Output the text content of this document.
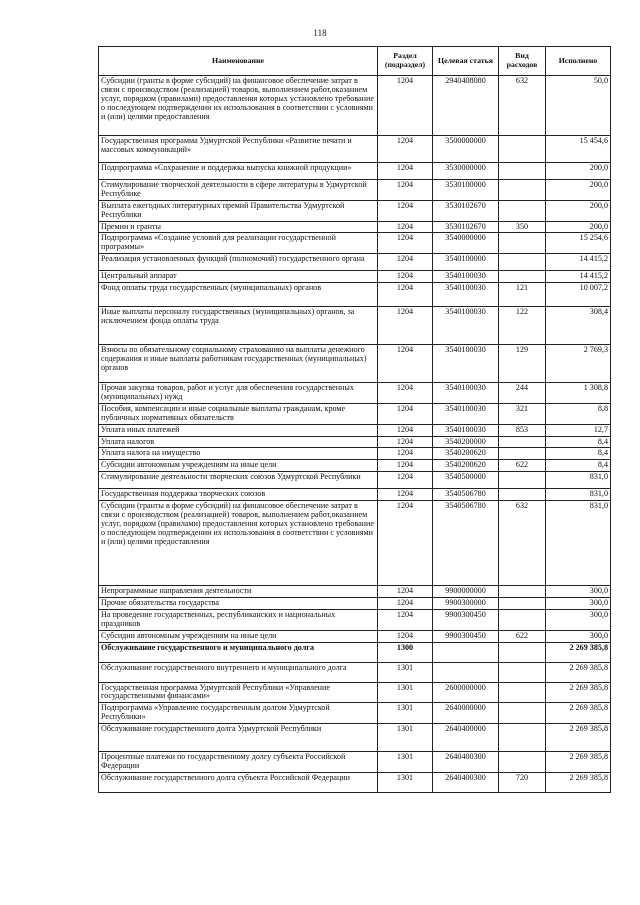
118
Наименование	Раздел (подраздел)	Целевая статья	Вид расходов	Исполнено
Субсидии (гранты в форме субсидий) на финансовое обеспечение затрат в связи с производством (реализацией) товаров, выполнением работ,оказанием услуг, порядком (правилами) предоставления которых установлено требование о последующем подтверждении их использования в соответствии с условиями и (или) целями предоставления	1204	2940408080	632	50,0
Государственная программа Удмуртской Республики «Развитие печати и массовых коммуникаций»	1204	3500000000		15 454,6
Подпрограмма «Сохранение и поддержка выпуска книжной продукции»	1204	3530000000		200,0
Стимулирование творческой деятельности в сфере литературы в Удмуртской Республике	1204	3530100000		200,0
Выплата ежегодных литературных премий Правительства Удмуртской Республики	1204	3530102670		200,0
Премии и гранты	1204	3530102670	350	200,0
Подпрограмма «Создание условий для реализации государственной программы»	1204	3540000000		15 254,6
Реализация установленных функций (полномочий) государственного органа	1204	3540100000		14 415,2
Центральный аппарат	1204	3540100030		14 415,2
Фонд оплаты труда государственных (муниципальных) органов	1204	3540100030	121	10 007,2
Иные выплаты персоналу государственных (муниципальных) органов, за исключением фонда оплаты труда	1204	3540100030	122	308,4
Взносы по обязательному социальному страхованию на выплаты денежного содержания и иные выплаты работникам государственных (муниципальных) органов	1204	3540100030	129	2 769,3
Прочая закупка товаров, работ и услуг для обеспечения государственных (муниципальных) нужд	1204	3540100030	244	1 308,8
Пособия, компенсации и иные социальные выплаты гражданам, кроме публичных нормативных обязательств	1204	3540100030	321	8,8
Уплата иных платежей	1204	3540100030	853	12,7
Уплата налогов	1204	3540200000		8,4
Уплата налога на имущество	1204	3540200620		8,4
Субсидии автономным учреждениям на иные цели	1204	3540200620	622	8,4
Стимулирование деятельности творческих союзов Удмуртской Республики	1204	3540500000		831,0
Государственная поддержка творческих союзов	1204	3540506780		831,0
Субсидии (гранты в форме субсидий) на финансовое обеспечение затрат в связи с производством (реализацией) товаров, выполнением работ,оказанием услуг, порядком (правилами) предоставления которых установлено требование о последующем подтверждении их использования в соответствии с условиями и (или) целями предоставления	1204	3540506780	632	831,0
Непрограммные направления деятельности	1204	9900000000		300,0
Прочие обязательства государства	1204	9900300000		300,0
На проведение государственных, республиканских и национальных праздников	1204	9900300450		300,0
Субсидии автономным учреждениям на иные цели	1204	9900300450	622	300,0
Обслуживание государственного и муниципального долга	1300			2 269 385,8
Обслуживание государственного внутреннего и муниципального долга	1301			2 269 385,8
Государственная программа Удмуртской Республики «Управление государственными финансами»	1301	2600000000		2 269 385,8
Подпрограмма «Управление государственным долгом Удмуртской Республики»	1301	2640000000		2 269 385,8
Обслуживание государственного долга Удмуртской Республики	1301	2640400000		2 269 385,8
Процентные платежи по государственному долгу субъекта Российской Федерации	1301	2640400300		2 269 385,8
Обслуживание государственного долга субъекта Российской Федерации	1301	2640400300	720	2 269 385,8
